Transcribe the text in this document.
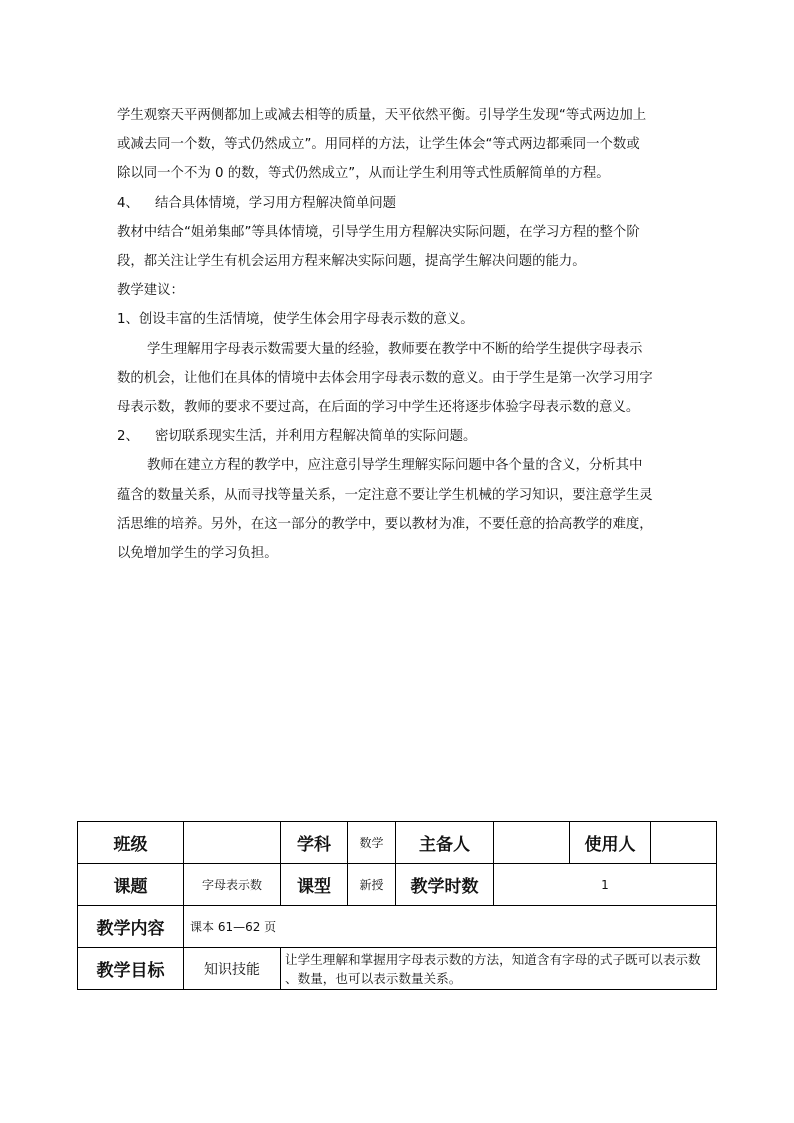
学生观察天平两侧都加上或减去相等的质量，天平依然平衡。引导学生发现“等式两边加上

或减去同一个数，等式仍然成立”。用同样的方法，让学生体会“等式两边都乘同一个数或

除以同一个不为 0 的数，等式仍然成立”，从而让学生利用等式性质解简单的方程。

4、 结合具体情境，学习用方程解决简单问题

教材中结合“姐弟集邮”等具体情境，引导学生用方程解决实际问题，在学习方程的整个阶

段，都关注让学生有机会运用方程来解决实际问题，提高学生解决问题的能力。

教学建议：

1、创设丰富的生活情境，使学生体会用字母表示数的意义。

学生理解用字母表示数需要大量的经验，教师要在教学中不断的给学生提供字母表示

数的机会，让他们在具体的情境中去体会用字母表示数的意义。由于学生是第一次学习用字

母表示数，教师的要求不要过高，在后面的学习中学生还将逐步体验字母表示数的意义。

2、 密切联系现实生活，并利用方程解决简单的实际问题。

教师在建立方程的教学中，应注意引导学生理解实际问题中各个量的含义，分析其中

蕴含的数量关系，从而寻找等量关系，一定注意不要让学生机械的学习知识，要注意学生灵

活思维的培养。另外，在这一部分的教学中，要以教材为准，不要任意的拾高教学的难度，

以免增加学生的学习负担。

班级		学科	数学	主备人		使用人	
课题	字母表示数	课型	新授	教学时数	1		
教学内容	课本 61—62 页						
教学目标	知识技能	让学生理解和掌握用字母表示数的方法，知道含有字母的式子既可以表示数 、数量，也可以表示数量关系。					
